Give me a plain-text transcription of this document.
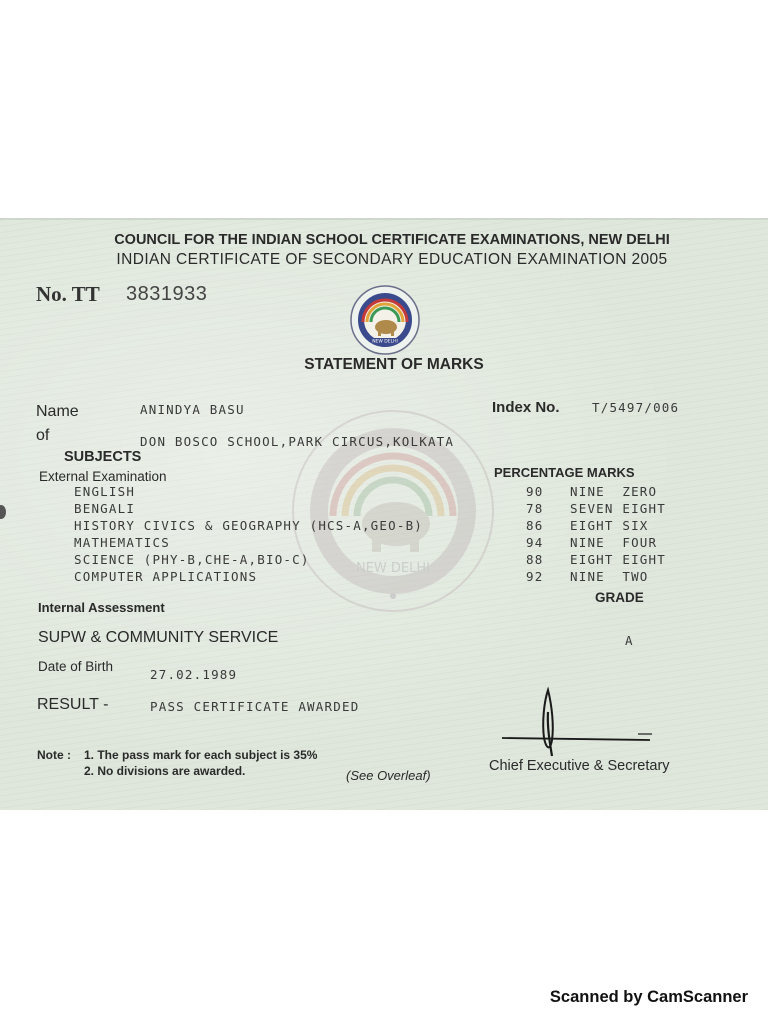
COUNCIL FOR THE INDIAN SCHOOL CERTIFICATE EXAMINATIONS, NEW DELHI
INDIAN CERTIFICATE OF SECONDARY EDUCATION EXAMINATION 2005
No. TT 3831933
NEW DELHI
STATEMENT OF MARKS
NEW DELHI
Name	ANINDYA BASU	Index No.	T/5497/006
of	DON BOSCO SCHOOL,PARK CIRCUS,KOLKATA
SUBJECTS
External Examination	PERCENTAGE MARKS
ENGLISH	90 NINE  ZERO
BENGALI	78 SEVEN EIGHT
HISTORY CIVICS & GEOGRAPHY (HCS-A,GEO-B)	86 EIGHT SIX
MATHEMATICS	94 NINE  FOUR
SCIENCE (PHY-B,CHE-A,BIO-C)	88 EIGHT EIGHT
COMPUTER APPLICATIONS	92 NINE  TWO
GRADE
Internal Assessment
SUPW & COMMUNITY SERVICE	A
Date of Birth
27.02.1989
RESULT -	PASS CERTIFICATE AWARDED
Note : 1. The pass mark for each subject is 35%
2. No divisions are awarded.	(See Overleaf)
Chief Executive & Secretary
Scanned by CamScanner
